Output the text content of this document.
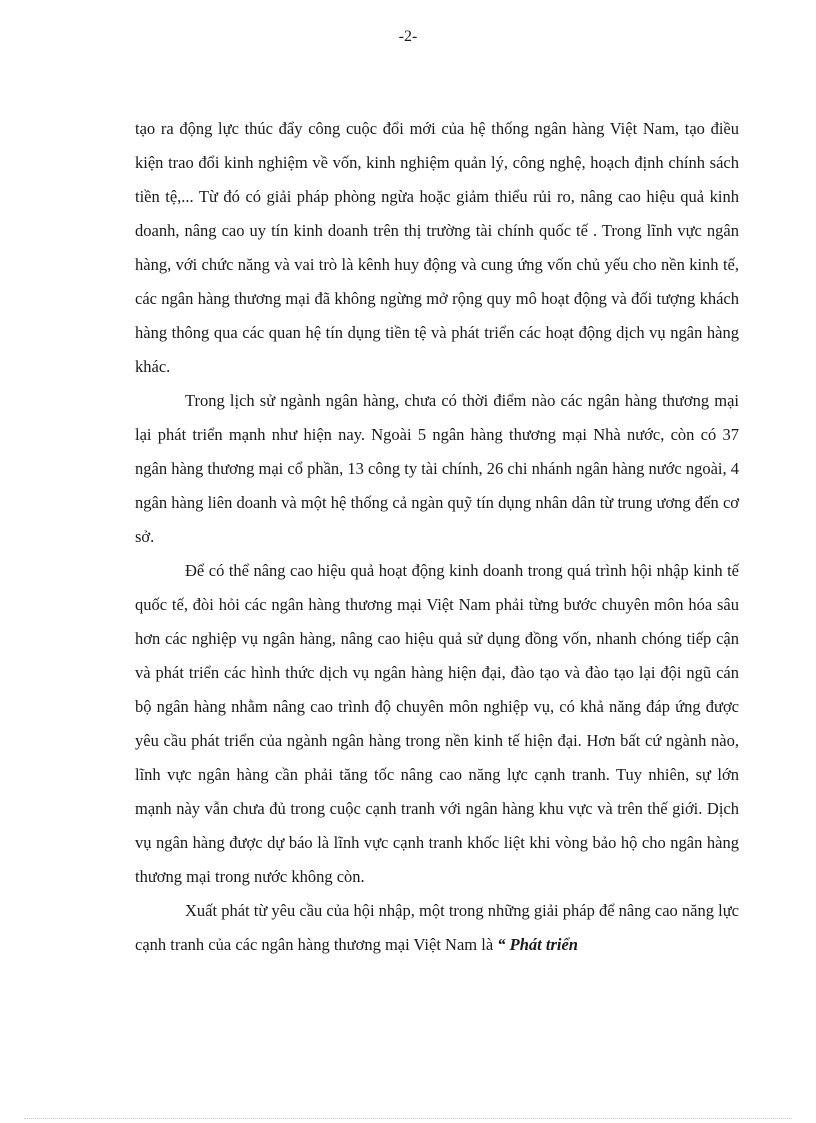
-2-

tạo ra động lực thúc đẩy công cuộc đổi mới của hệ thống ngân hàng Việt Nam, tạo điều kiện trao đổi kinh nghiệm về vốn, kinh nghiệm quản lý, công nghệ, hoạch định chính sách tiền tệ,... Từ đó có giải pháp phòng ngừa hoặc giảm thiểu rủi ro, nâng cao hiệu quả kinh doanh, nâng cao uy tín kinh doanh trên thị trường tài chính quốc tế . Trong lĩnh vực ngân hàng, với chức năng và vai trò là kênh huy động và cung ứng vốn chủ yếu cho nền kinh tế, các ngân hàng thương mại đã không ngừng mở rộng quy mô hoạt động và đối tượng khách hàng thông qua các quan hệ tín dụng tiền tệ và phát triển các hoạt động dịch vụ ngân hàng khác.

Trong lịch sử ngành ngân hàng, chưa có thời điểm nào các ngân hàng thương mại lại phát triển mạnh như hiện nay. Ngoài 5 ngân hàng thương mại Nhà nước, còn có 37 ngân hàng thương mại cổ phần, 13 công ty tài chính, 26 chi nhánh ngân hàng nước ngoài, 4 ngân hàng liên doanh và một hệ thống cả ngàn quỹ tín dụng nhân dân từ trung ương đến cơ sở.

Để có thể nâng cao hiệu quả hoạt động kinh doanh trong quá trình hội nhập kinh tế quốc tế, đòi hỏi các ngân hàng thương mại Việt Nam phải từng bước chuyên môn hóa sâu hơn các nghiệp vụ ngân hàng, nâng cao hiệu quả sử dụng đồng vốn, nhanh chóng tiếp cận và phát triển các hình thức dịch vụ ngân hàng hiện đại, đào tạo và đào tạo lại đội ngũ cán bộ ngân hàng nhằm nâng cao trình độ chuyên môn nghiệp vụ, có khả năng đáp ứng được yêu cầu phát triển của ngành ngân hàng trong nền kinh tế hiện đại. Hơn bất cứ ngành nào, lĩnh vực ngân hàng cần phải tăng tốc nâng cao năng lực cạnh tranh. Tuy nhiên, sự lớn mạnh này vẫn chưa đủ trong cuộc cạnh tranh với ngân hàng khu vực và trên thế giới. Dịch vụ ngân hàng được dự báo là lĩnh vực cạnh tranh khốc liệt khi vòng bảo hộ cho ngân hàng thương mại trong nước không còn.

Xuất phát từ yêu cầu của hội nhập, một trong những giải pháp để nâng cao năng lực cạnh tranh của các ngân hàng thương mại Việt Nam là “ Phát triển
